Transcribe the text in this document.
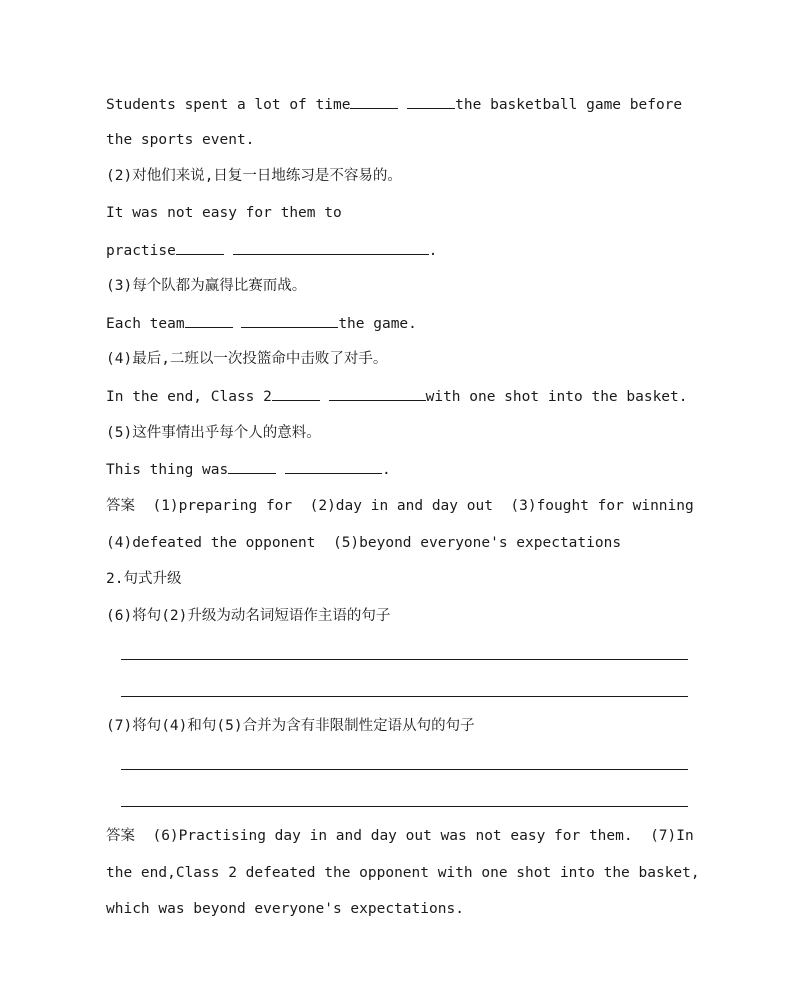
Students spent a lot of time	the basketball game before
the sports event.
(2)对他们来说,日复一日地练习是不容易的。
It was not easy for them to
practise	.
(3)每个队都为赢得比赛而战。
Each team	the game.
(4)最后,二班以一次投篮命中击败了对手。
In the end, Class 2	with one shot into the basket.
(5)这件事情出乎每个人的意料。
This thing was	.
答案 (1)preparing for  (2)day in and day out  (3)fought for winning
(4)defeated the opponent  (5)beyond everyone's expectations
2.句式升级
(6)将句(2)升级为动名词短语作主语的句子
(7)将句(4)和句(5)合并为含有非限制性定语从句的句子
答案 (6)Practising day in and day out was not easy for them.  (7)In
the end,Class 2 defeated the opponent with one shot into the basket,
which was beyond everyone's expectations.
